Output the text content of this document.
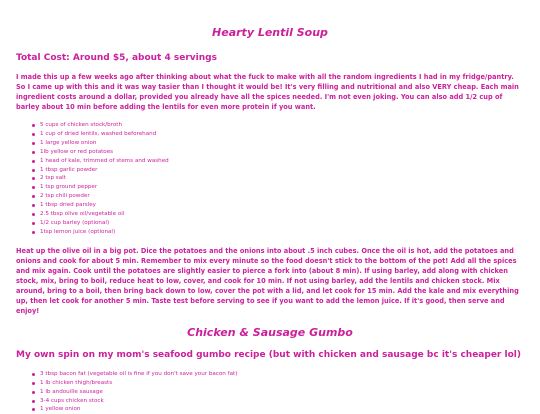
Hearty Lentil Soup
Total Cost: Around $5, about 4 servings

I made this up a few weeks ago after thinking about what the fuck to make with all the random ingredients I had in my fridge/pantry. So I came up with this and it was way tasier than I thought it would be! It's very filling and nutritional and also VERY cheap. Each main ingredient costs around a dollar, provided you already have all the spices needed. I'm not even joking. You can also add 1/2 cup of barley about 10 min before adding the lentils for even more protein if you want.

5 cups of chicken stock/broth
1 cup of dried lentils, washed beforehand
1 large yellow onion
1lb yellow or red potatoes
1 head of kale, trimmed of stems and washed
1 tbsp garlic powder
2 tsp salt
1 tsp ground pepper
2 tsp chili powder
1 tbsp dried parsley
2.5 tbsp olive oil/vegetable oil
1/2 cup barley (optional)
1tsp lemon juice (optional)

Heat up the olive oil in a big pot. Dice the potatoes and the onions into about .5 inch cubes. Once the oil is hot, add the potatoes and onions and cook for about 5 min. Remember to mix every minute so the food doesn't stick to the bottom of the pot! Add all the spices and mix again. Cook until the potatoes are slightly easier to pierce a fork into (about 8 min). If using barley, add along with chicken stock, mix, bring to boil, reduce heat to low, cover, and cook for 10 min. If not using barley, add the lentils and chicken stock. Mix around, bring to a boil, then bring back down to low, cover the pot with a lid, and let cook for 15 min. Add the kale and mix everything up, then let cook for another 5 min. Taste test before serving to see if you want to add the lemon juice. If it's good, then serve and enjoy!

Chicken & Sausage Gumbo
My own spin on my mom's seafood gumbo recipe (but with chicken and sausage bc it's cheaper lol)
3 tbsp bacon fat (vegetable oil is fine if you don't save your bacon fat)
1 lb chicken thigh/breasts
1 lb andouille sausage
3-4 cups chicken stock
1 yellow onion
